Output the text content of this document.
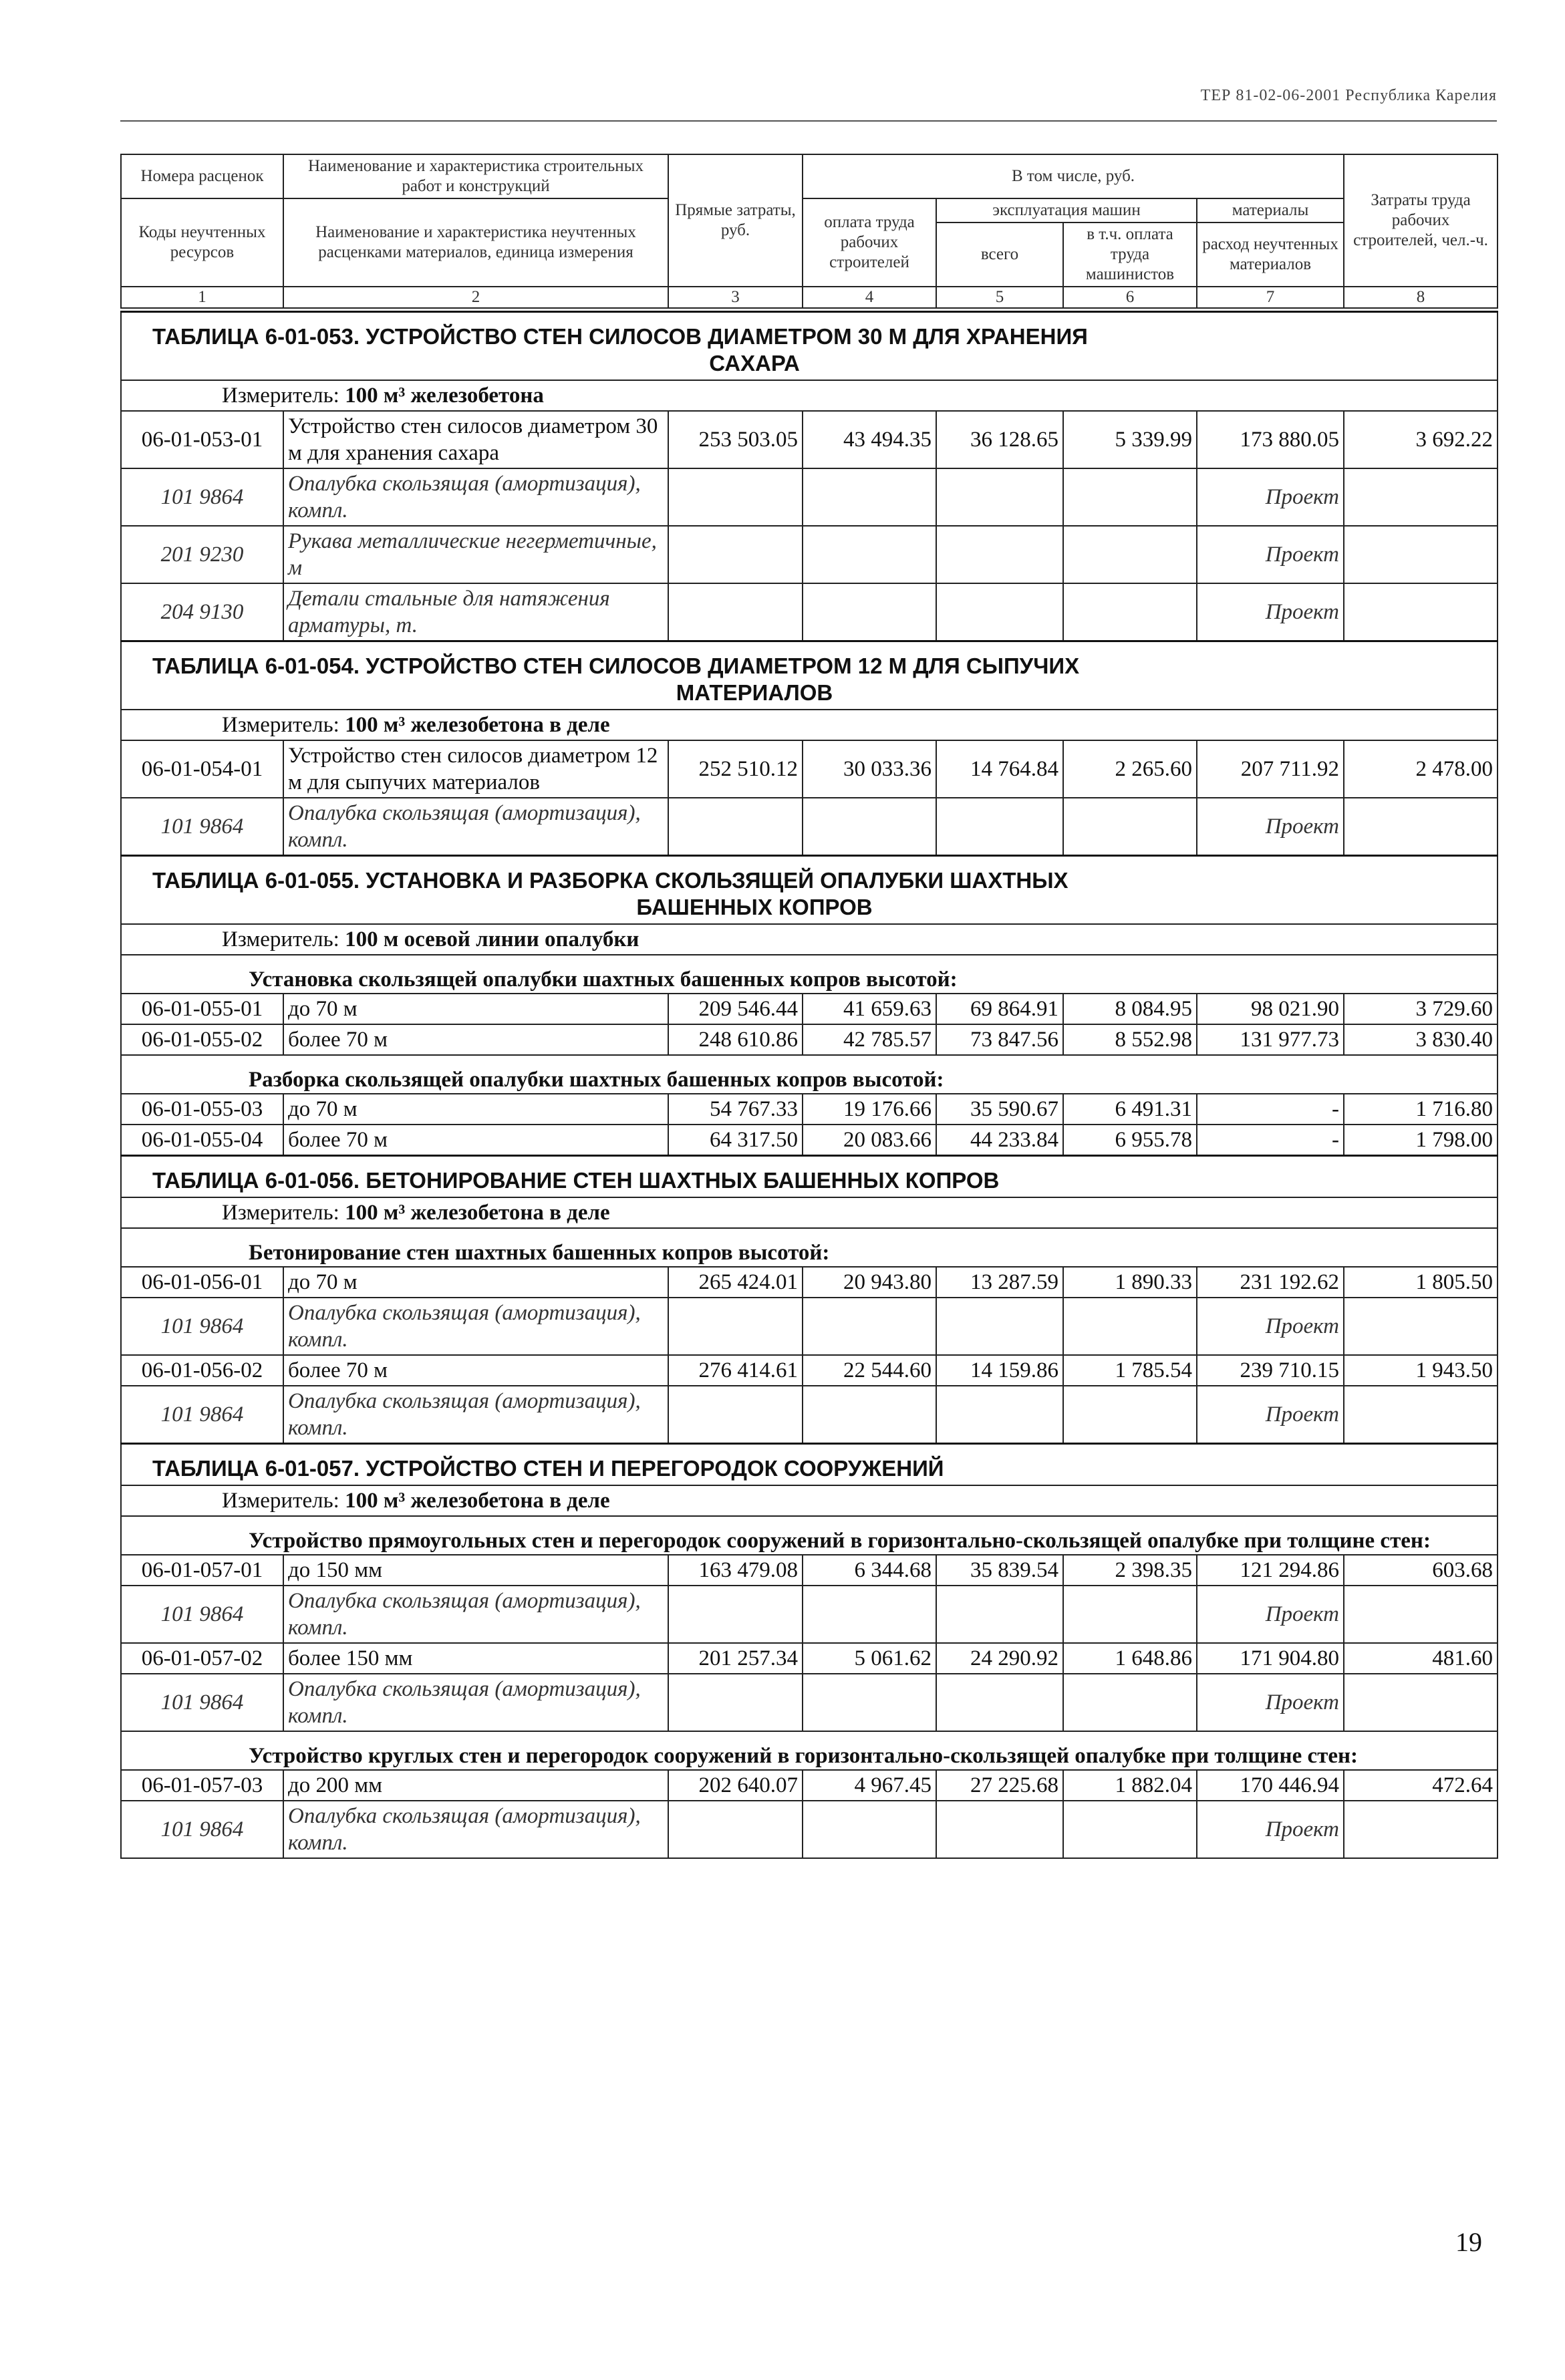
ТЕР 81-02-06-2001 Республика Карелия
Номера расценок	Наименование и характеристика строительных работ и конструкций	Прямые затраты, руб.	В том числе, руб.				Затраты труда рабочих строителей, чел.-ч.
Коды неучтенных ресурсов	Наименование и характеристика неучтенных расценками материалов, единица измерения		оплата труда рабочих строителей	эксплуатация машин		материалы	
				всего	в т.ч. оплата труда машинистов	расход неучтенных материалов	
1	2	3	4	5	6	7	8
ТАБЛИЦА 6-01-053. УСТРОЙСТВО СТЕН СИЛОСОВ ДИАМЕТРОМ 30 М ДЛЯ ХРАНЕНИЯ
САХАРА							

Измеритель: 100 м³ железобетона							
06-01-053-01	Устройство стен силосов диаметром 30 м для хранения сахара	253 503.05	43 494.35	36 128.65	5 339.99	173 880.05	3 692.22
101 9864	Опалубка скользящая (амортизация), компл.					Проект	
201 9230	Рукава металлические негерметичные, м					Проект	
204 9130	Детали стальные для натяжения арматуры, т.					Проект	
ТАБЛИЦА 6-01-054. УСТРОЙСТВО СТЕН СИЛОСОВ ДИАМЕТРОМ 12 М ДЛЯ СЫПУЧИХ
МАТЕРИАЛОВ							

Измеритель: 100 м³ железобетона в деле							
06-01-054-01	Устройство стен силосов диаметром 12 м для сыпучих материалов	252 510.12	30 033.36	14 764.84	2 265.60	207 711.92	2 478.00
101 9864	Опалубка скользящая (амортизация), компл.					Проект	
ТАБЛИЦА 6-01-055. УСТАНОВКА И РАЗБОРКА СКОЛЬЗЯЩЕЙ ОПАЛУБКИ ШАХТНЫХ
БАШЕННЫХ КОПРОВ							

Измеритель: 100 м осевой линии опалубки							
Установка скользящей опалубки шахтных башенных копров высотой:							
06-01-055-01	до 70 м	209 546.44	41 659.63	69 864.91	8 084.95	98 021.90	3 729.60
06-01-055-02	более 70 м	248 610.86	42 785.57	73 847.56	8 552.98	131 977.73	3 830.40
Разборка скользящей опалубки шахтных башенных копров высотой:							
06-01-055-03	до 70 м	54 767.33	19 176.66	35 590.67	6 491.31	-	1 716.80
06-01-055-04	более 70 м	64 317.50	20 083.66	44 233.84	6 955.78	-	1 798.00
ТАБЛИЦА 6-01-056. БЕТОНИРОВАНИЕ СТЕН ШАХТНЫХ БАШЕННЫХ КОПРОВ							
Измеритель: 100 м³ железобетона в деле							
Бетонирование стен шахтных башенных копров высотой:							
06-01-056-01	до 70 м	265 424.01	20 943.80	13 287.59	1 890.33	231 192.62	1 805.50
101 9864	Опалубка скользящая (амортизация), компл.					Проект	
06-01-056-02	более 70 м	276 414.61	22 544.60	14 159.86	1 785.54	239 710.15	1 943.50
101 9864	Опалубка скользящая (амортизация), компл.					Проект	
ТАБЛИЦА 6-01-057. УСТРОЙСТВО СТЕН И ПЕРЕГОРОДОК СООРУЖЕНИЙ							
Измеритель: 100 м³ железобетона в деле							
Устройство прямоугольных стен и перегородок сооружений в горизонтально-скользящей опалубке при толщине стен:							
06-01-057-01	до 150 мм	163 479.08	6 344.68	35 839.54	2 398.35	121 294.86	603.68
101 9864	Опалубка скользящая (амортизация), компл.					Проект	
06-01-057-02	более 150 мм	201 257.34	5 061.62	24 290.92	1 648.86	171 904.80	481.60
101 9864	Опалубка скользящая (амортизация), компл.					Проект	
Устройство круглых стен и перегородок сооружений в горизонтально-скользящей опалубке при толщине стен:							
06-01-057-03	до 200 мм	202 640.07	4 967.45	27 225.68	1 882.04	170 446.94	472.64
101 9864	Опалубка скользящая (амортизация), компл.					Проект	
19
